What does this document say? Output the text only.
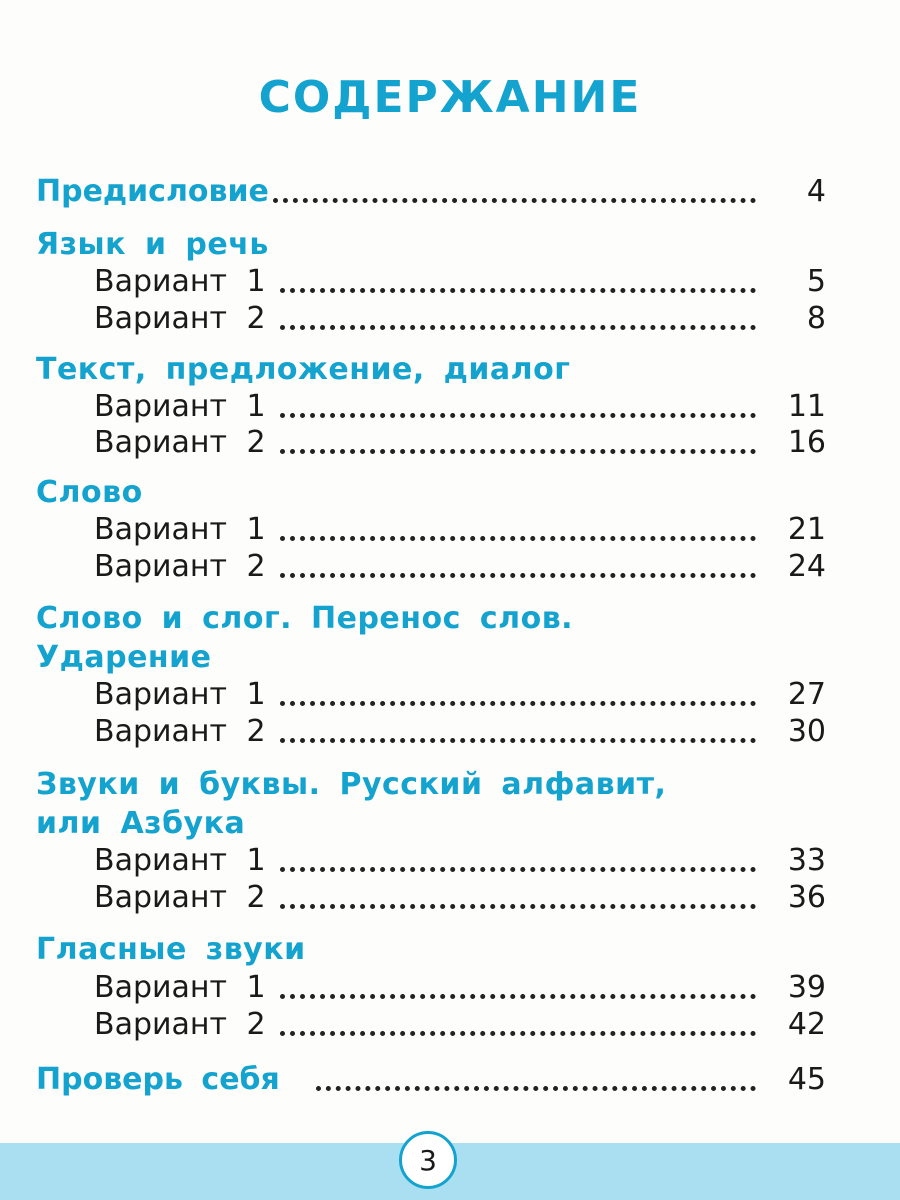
СОДЕРЖАНИЕ
Предисловие	4
Язык и речь
Вариант 1	5
Вариант 2	8
Текст, предложение, диалог
Вариант 1	11
Вариант 2	16
Слово
Вариант 1	21
Вариант 2	24
Слово и слог. Перенос слов.
Ударение
Вариант 1	27
Вариант 2	30
Звуки и буквы. Русский алфавит,
или Азбука
Вариант 1	33
Вариант 2	36
Гласные звуки
Вариант 1	39
Вариант 2	42
Проверь себя	45
3
